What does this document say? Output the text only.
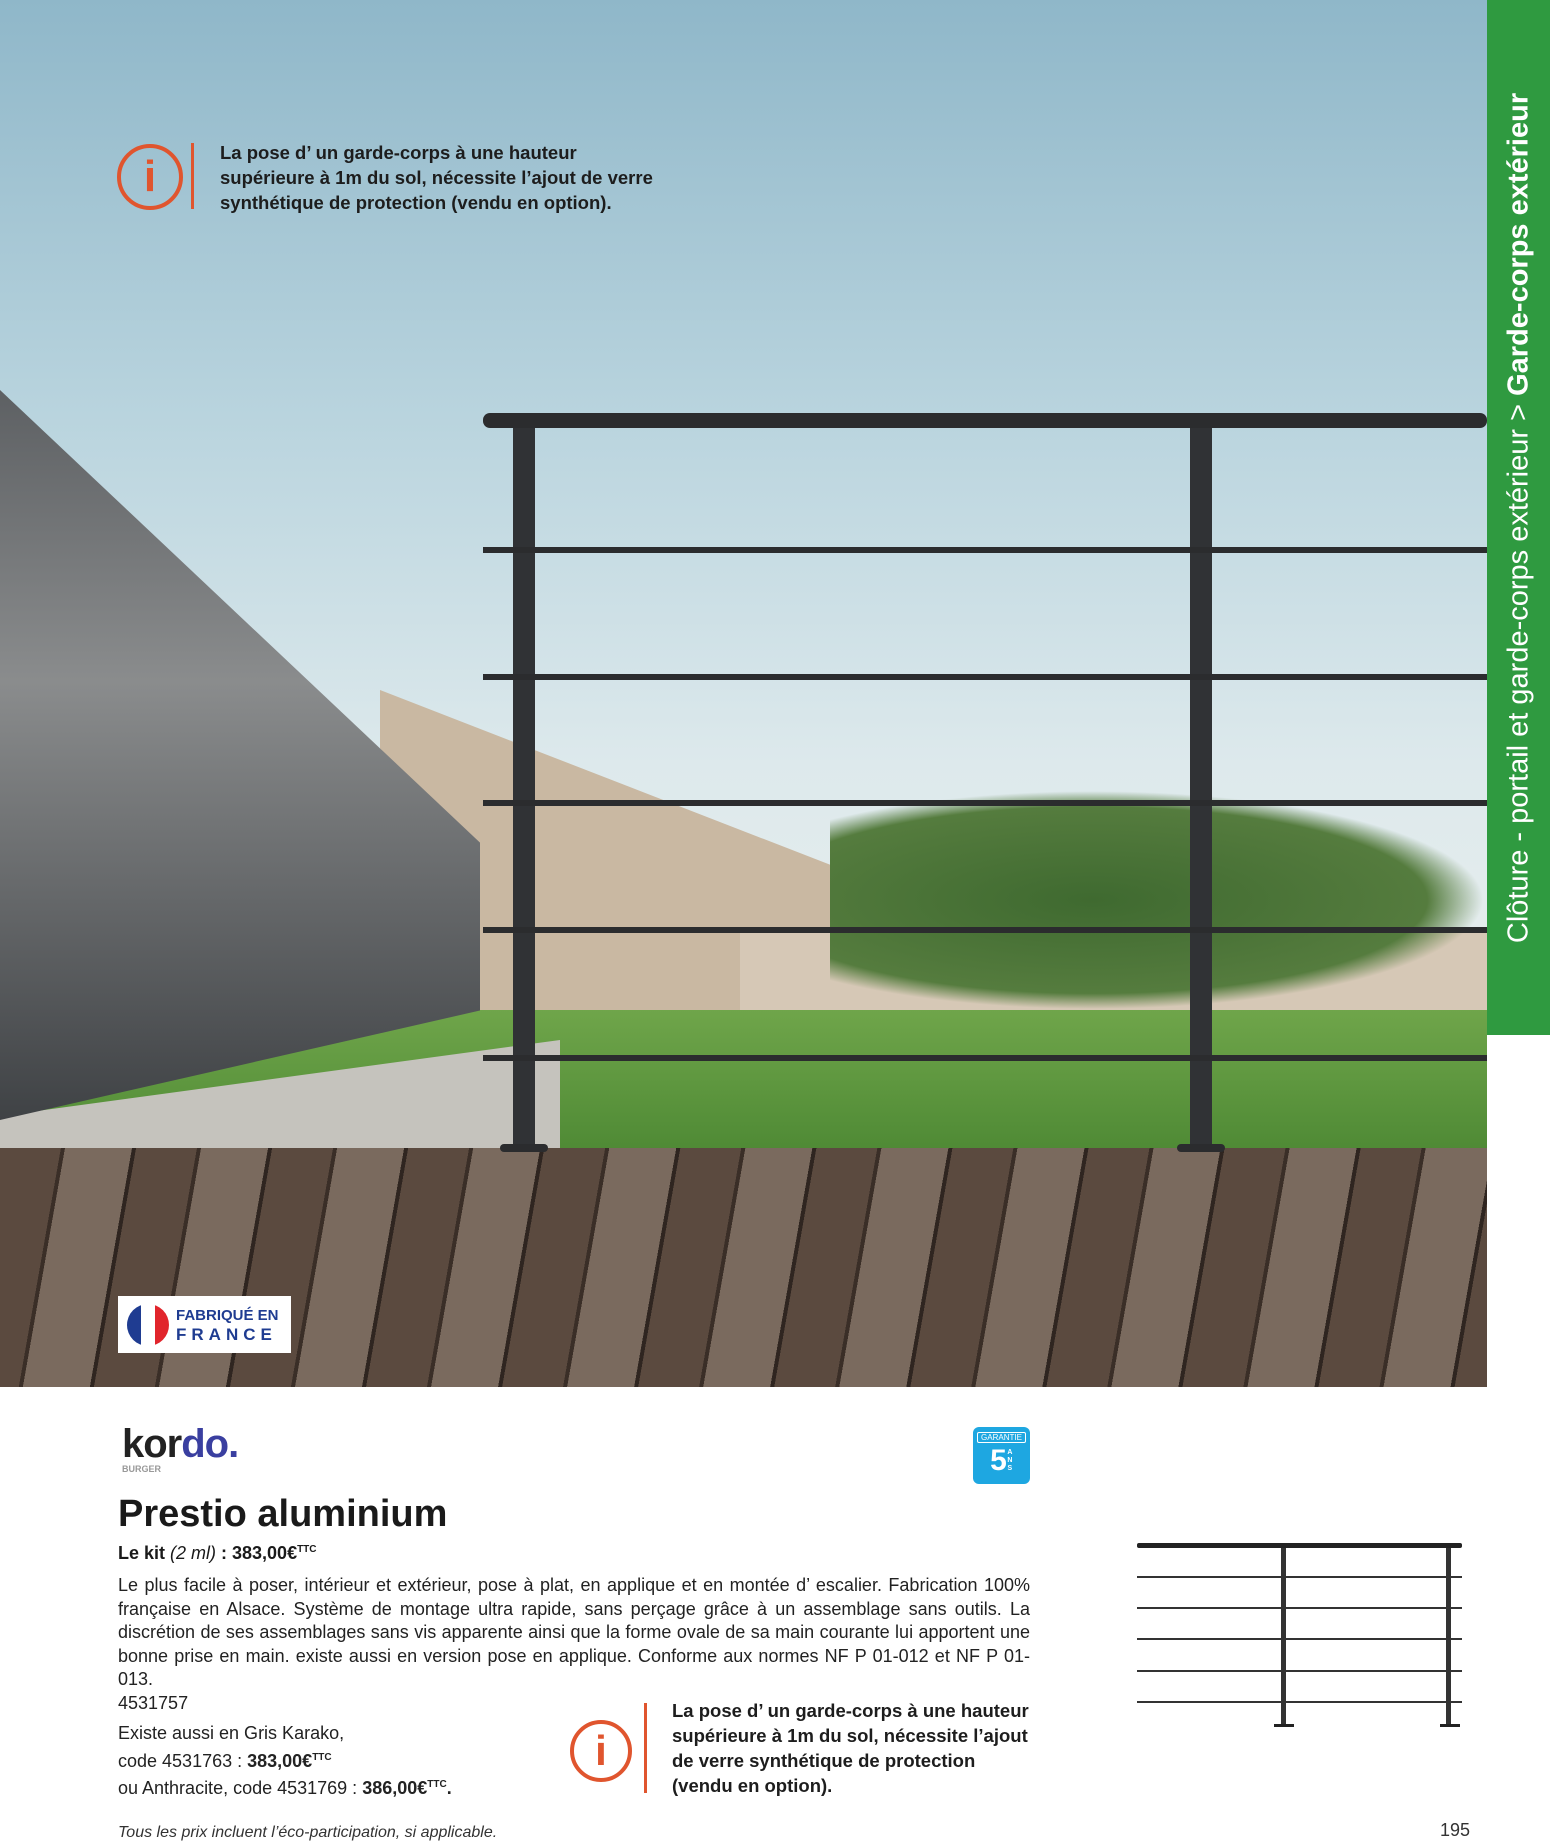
i	La pose d’ un garde-corps à une hauteur
supérieure à 1m du sol, nécessite l’ajout de verre
synthétique de protection (vendu en option).
FABRIQUÉ EN
FRANCE
Clôture - portail et garde-corps extérieur > Garde-corps extérieur
kordo.
BURGER
GARANTIE
5 ANS
Prestio aluminium
Le kit (2 ml) : 383,00€$^{TTC}$
Le plus facile à poser, intérieur et extérieur, pose à plat, en applique et en montée d’ escalier. Fabrication 100% française en Alsace. Système de montage ultra rapide, sans perçage grâce à un assemblage sans outils. La discrétion de ses assemblages sans vis apparente ainsi que la forme ovale de sa main courante lui apportent une bonne prise en main. existe aussi en version pose en applique. Conforme aux normes NF P 01-012 et NF P 01-013.
4531757
Existe aussi en Gris Karako,
code 4531763 : 383,00€$^{TTC}$
ou Anthracite, code 4531769 : 386,00€$^{TTC}$.
i
La pose d’ un garde-corps à une hauteur
supérieure à 1m du sol, nécessite l’ajout
de verre synthétique de protection
(vendu en option).
Tous les prix incluent l’éco-participation, si applicable.	195
